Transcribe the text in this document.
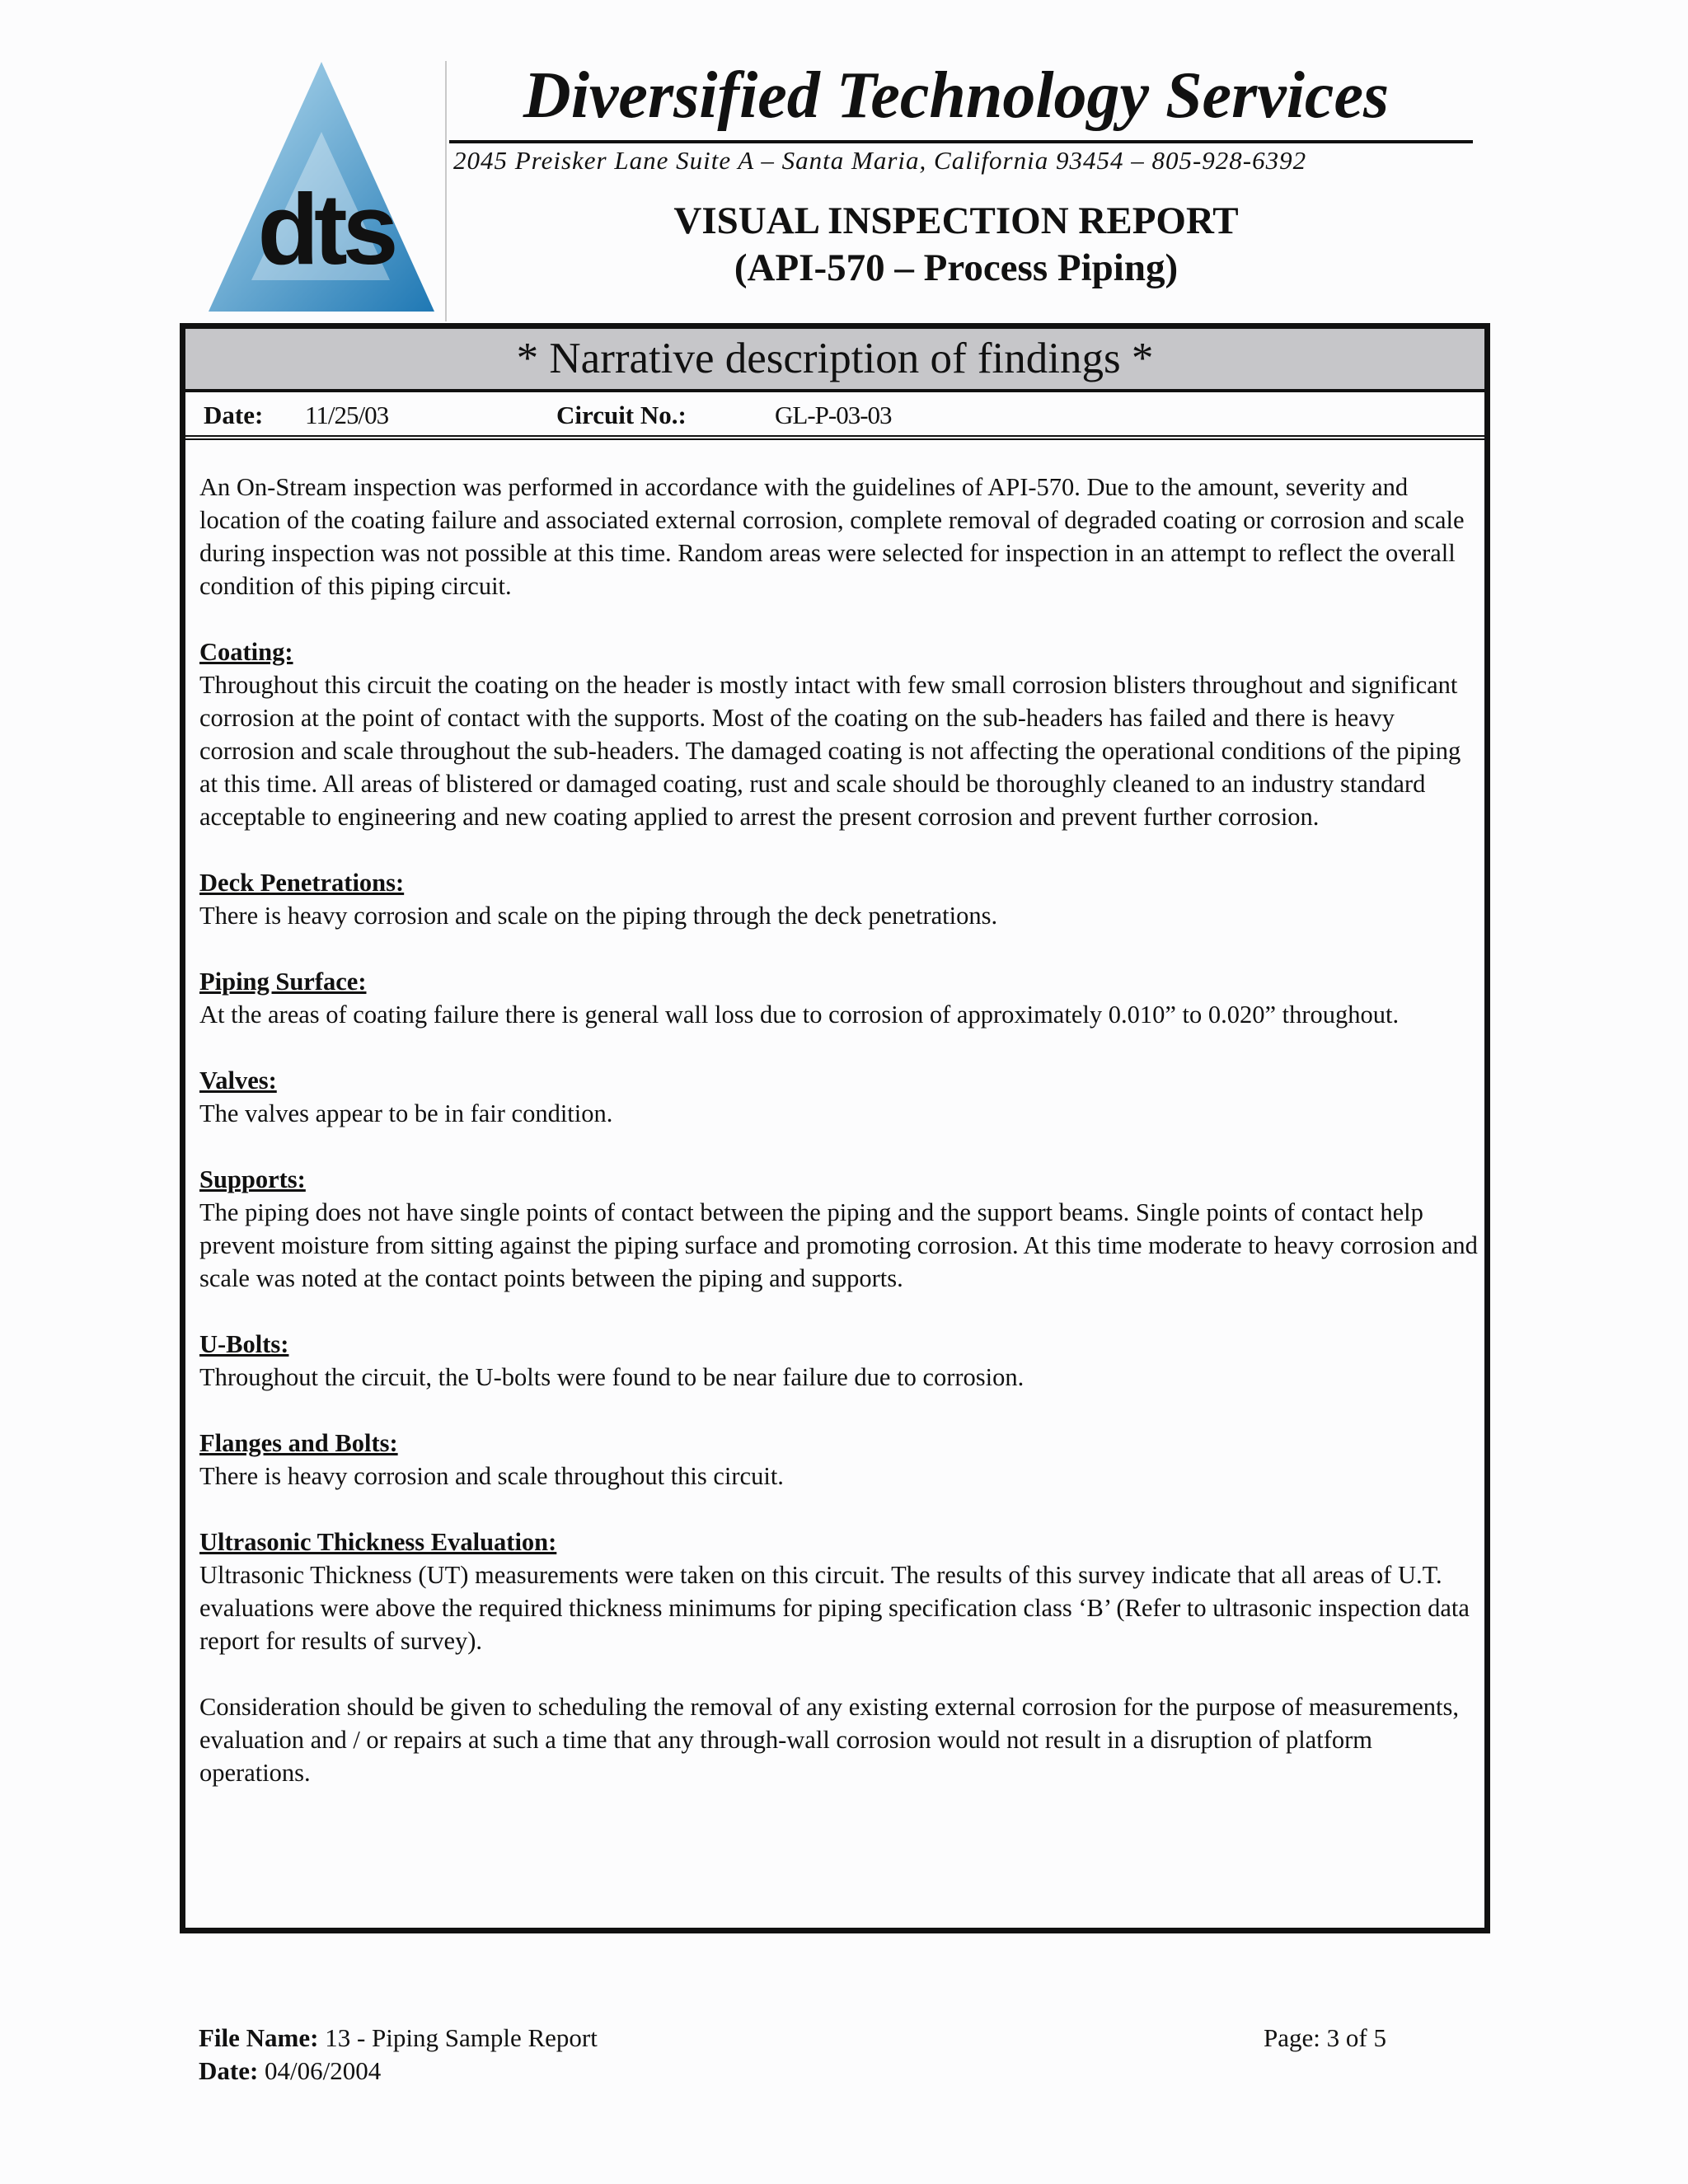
dts
Diversified Technology Services
2045 Preisker Lane Suite A – Santa Maria, California 93454 – 805-928-6392
VISUAL INSPECTION REPORT
(API-570 – Process Piping)
* Narrative description of findings *
Date: 11/25/03	Circuit No.:	GL-P-03-03

An On-Stream inspection was performed in accordance with the guidelines of API-570. Due to the amount, severity and location of the coating failure and associated external corrosion, complete removal of degraded coating or corrosion and scale during inspection was not possible at this time. Random areas were selected for inspection in an attempt to reflect the overall condition of this piping circuit.

Coating:
Throughout this circuit the coating on the header is mostly intact with few small corrosion blisters throughout and significant corrosion at the point of contact with the supports. Most of the coating on the sub-headers has failed and there is heavy corrosion and scale throughout the sub-headers. The damaged coating is not affecting the operational conditions of the piping at this time. All areas of blistered or damaged coating, rust and scale should be thoroughly cleaned to an industry standard acceptable to engineering and new coating applied to arrest the present corrosion and prevent further corrosion.

Deck Penetrations:
There is heavy corrosion and scale on the piping through the deck penetrations.

Piping Surface:
At the areas of coating failure there is general wall loss due to corrosion of approximately 0.010” to 0.020” throughout.

Valves:
The valves appear to be in fair condition.

Supports:
The piping does not have single points of contact between the piping and the support beams. Single points of contact help prevent moisture from sitting against the piping surface and promoting corrosion. At this time moderate to heavy corrosion and scale was noted at the contact points between the piping and supports.

U-Bolts:
Throughout the circuit, the U-bolts were found to be near failure due to corrosion.

Flanges and Bolts:
There is heavy corrosion and scale throughout this circuit.

Ultrasonic Thickness Evaluation:
Ultrasonic Thickness (UT) measurements were taken on this circuit. The results of this survey indicate that all areas of U.T. evaluations were above the required thickness minimums for piping specification class ‘B’ (Refer to ultrasonic inspection data report for results of survey).

Consideration should be given to scheduling the removal of any existing external corrosion for the purpose of measurements, evaluation and / or repairs at such a time that any through-wall corrosion would not result in a disruption of platform operations.

File Name: 13 - Piping Sample Report
Date: 04/06/2004
Page: 3 of 5
